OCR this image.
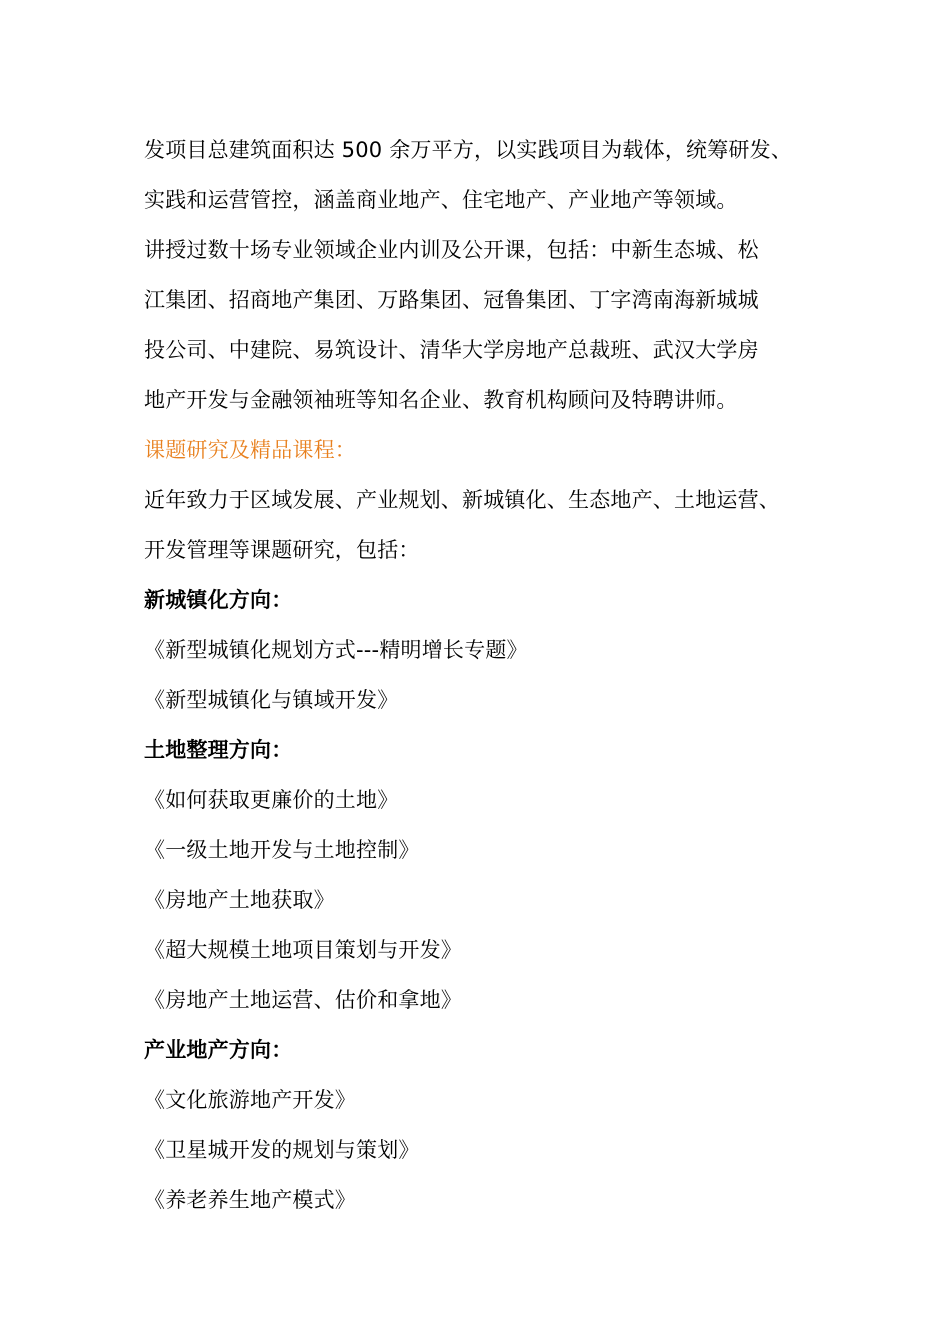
发项目总建筑面积达 500 余万平方，以实践项目为载体，统筹研发、
实践和运营管控，涵盖商业地产、住宅地产、产业地产等领域。
讲授过数十场专业领域企业内训及公开课，包括：中新生态城、松
江集团、招商地产集团、万路集团、冠鲁集团、丁字湾南海新城城
投公司、中建院、易筑设计、清华大学房地产总裁班、武汉大学房
地产开发与金融领袖班等知名企业、教育机构顾问及特聘讲师。
课题研究及精品课程：
近年致力于区域发展、产业规划、新城镇化、生态地产、土地运营、
开发管理等课题研究，包括：
新城镇化方向：
《新型城镇化规划方式---精明增长专题》
《新型城镇化与镇域开发》
土地整理方向：
《如何获取更廉价的土地》
《一级土地开发与土地控制》
《房地产土地获取》
《超大规模土地项目策划与开发》
《房地产土地运营、估价和拿地》
产业地产方向：
《文化旅游地产开发》
《卫星城开发的规划与策划》
《养老养生地产模式》
